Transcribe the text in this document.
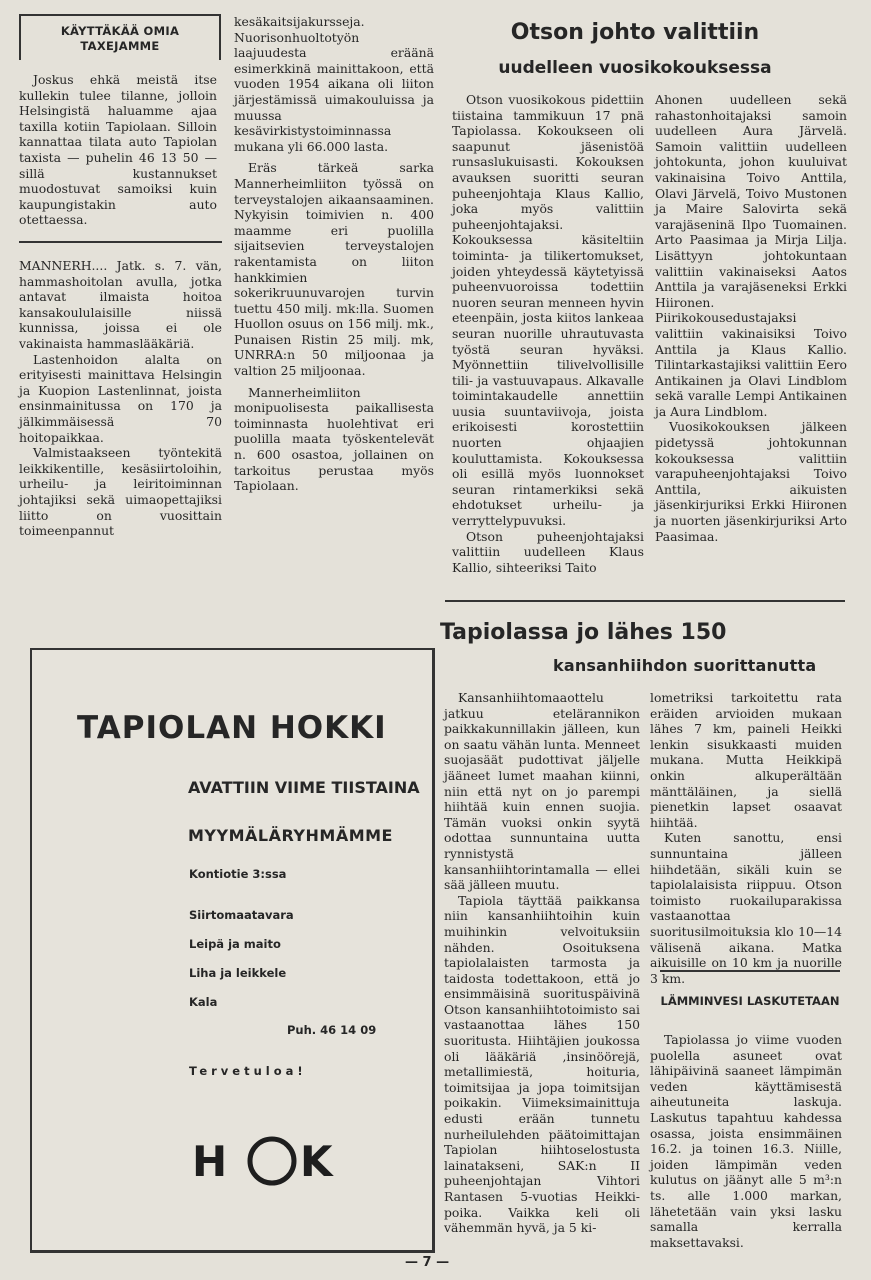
KÄYTTÄKÄÄ OMIA TAXEJAMME

Joskus ehkä meistä itse kullekin tulee tilanne, jolloin Helsingistä haluamme ajaa taxilla kotiin Tapiolaan. Silloin kannattaa tilata auto Tapiolan taxista — puhelin 46 13 50 — sillä kustannukset muodostuvat samoiksi kuin kaupungistakin auto otettaessa.

MANNERH.... Jatk. s. 7. vän, hammashoitolan avulla, jotka antavat ilmaista hoitoa kansakoululaisille niissä kunnissa, joissa ei ole vakinaista hammaslääkäriä.

Lastenhoidon alalta on erityisesti mainittava Helsingin ja Kuopion Lastenlinnat, joista ensinmainitussa on 170 ja jälkimmäisessä 70 hoitopaikkaa.

Valmistaakseen työntekitä leikkikentille, kesäsiirtoloihin, urheilu- ja leiritoiminnan johtajiksi sekä uimaopettajiksi liitto on vuosittain toimeenpannut

kesäkaitsijakursseja. Nuorisonhuoltotyön laajuudesta eräänä esimerkkinä mainittakoon, että vuoden 1954 aikana oli liiton järjestämissä uimakouluissa ja muussa kesävirkistystoiminnassa mukana yli 66.000 lasta.

Eräs tärkeä sarka Mannerheimliiton työssä on terveystalojen aikaansaaminen. Nykyisin toimivien n. 400 maamme eri puolilla sijaitsevien terveystalojen rakentamista on liiton hankkimien sokerikruunuvarojen turvin tuettu 450 milj. mk:lla. Suomen Huollon osuus on 156 milj. mk., Punaisen Ristin 25 milj. mk, UNRRA:n 50 miljoonaa ja valtion 25 miljoonaa.

Mannerheimliiton monipuolisesta paikallisesta toiminnasta huolehtivat eri puolilla maata työskentelevät n. 600 osastoa, jollainen on tarkoitus perustaa myös Tapiolaan.

Otson johto valittiin
uudelleen vuosikokouksessa

Otson vuosikokous pidettiin tiistaina tammikuun 17 pnä Tapiolassa. Kokoukseen oli saapunut jäsenistöä runsaslukuisasti. Kokouksen avauksen suoritti seuran puheenjohtaja Klaus Kallio, joka myös valittiin puheenjohtajaksi. Kokouksessa käsiteltiin toiminta- ja tilikertomukset, joiden yhteydessä käytetyissä puheenvuoroissa todettiin nuoren seuran menneen hyvin eteenpäin, josta kiitos lankeaa seuran nuorille uhrautuvasta työstä seuran hyväksi. Myönnettiin tilivelvollisille tili- ja vastuuvapaus. Alkavalle toimintakaudelle annettiin uusia suuntaviivoja, joista erikoisesti korostettiin nuorten ohjaajien kouluttamista. Kokouksessa oli esillä myös luonnokset seuran rintamerkiksi sekä ehdotukset urheilu- ja verryttelypuvuksi.

Otson puheenjohtajaksi valittiin uudelleen Klaus Kallio, sihteeriksi Taito

Ahonen uudelleen sekä rahastonhoitajaksi samoin uudelleen Aura Järvelä. Samoin valittiin uudelleen johtokunta, johon kuuluivat vakinaisina Toivo Anttila, Olavi Järvelä, Toivo Mustonen ja Maire Salovirta sekä varajäseninä Ilpo Tuomainen. Arto Paasimaa ja Mirja Lilja. Lisättyyn johtokuntaan valittiin vakinaiseksi Aatos Anttila ja varajäseneksi Erkki Hiironen. Piirikokousedustajaksi valittiin vakinaisiksi Toivo Anttila ja Klaus Kallio. Tilintarkastajiksi valittiin Eero Antikainen ja Olavi Lindblom sekä varalle Lempi Antikainen ja Aura Lindblom.

Vuosikokouksen jälkeen pidetyssä johtokunnan kokouksessa valittiin varapuheenjohtajaksi Toivo Anttila, aikuisten jäsenkirjuriksi Erkki Hiironen ja nuorten jäsenkirjuriksi Arto Paasimaa.

Tapiolassa jo lähes 150
kansanhiihdon suorittanutta

Kansanhiihtomaaottelu jatkuu etelärannikon paikkakunnillakin jälleen, kun on saatu vähän lunta. Menneet suojasäät pudottivat jäljelle jääneet lumet maahan kiinni, niin että nyt on jo parempi hiihtää kuin ennen suojia. Tämän vuoksi onkin syytä odottaa sunnuntaina uutta rynnistystä kansanhiihtorintamalla — ellei sää jälleen muutu.

Tapiola täyttää paikkansa niin kansanhiihtoihin kuin muihinkin velvoituksiin nähden. Osoituksena tapiolalaisten tarmosta ja taidosta todettakoon, että jo ensimmäisinä suorituspäivinä Otson kansanhiihtotoimisto sai vastaanottaa lähes 150 suoritusta. Hiihtäjien joukossa oli lääkäriä ,insinöörejä, metallimiestä, hoituria, toimitsijaa ja jopa toimitsijan poikakin. Viimeksimainittuja edusti erään tunnetu nurheilulehden päätoimittajan Tapiolan hiihtoselostusta lainatakseni, SAK:n II puheenjohtajan Vihtori Rantasen 5-vuotias Heikki-poika. Vaikka keli oli vähemmän hyvä, ja 5 ki-

lometriksi tarkoitettu rata eräiden arvioiden mukaan lähes 7 km, paineli Heikki lenkin sisukkaasti muiden mukana. Mutta Heikkipä onkin alkuperältään mänttäläinen, ja siellä pienetkin lapset osaavat hiihtää.

Kuten sanottu, ensi sunnuntaina jälleen hiihdetään, sikäli kuin se tapiolalaisista riippuu. Otson toimisto ruokailuparakissa vastaanottaa suoritusilmoituksia klo 10—14 välisenä aikana. Matka aikuisille on 10 km ja nuorille 3 km.

LÄMMINVESI LASKUTETAAN

Tapiolassa jo viime vuoden puolella asuneet ovat lähipäivinä saaneet lämpimän veden käyttämisestä aiheutuneita laskuja. Laskutus tapahtuu kahdessa osassa, joista ensimmäinen 16.2. ja toinen 16.3. Niille, joiden lämpimän veden kulutus on jäänyt alle 5 m³:n ts. alle 1.000 markan, lähetetään vain yksi lasku samalla kerralla maksettavaksi.

TAPIOLAN HOKKI
AVATTIIN VIIME TIISTAINA
MYYMÄLÄRYHMÄMME
Kontiotie 3:ssa
Siirtomaatavara
Leipä ja maito
Liha ja leikkele
Kala
Puh. 46 14 09
Tervetuloa!
H K
— 7 —
